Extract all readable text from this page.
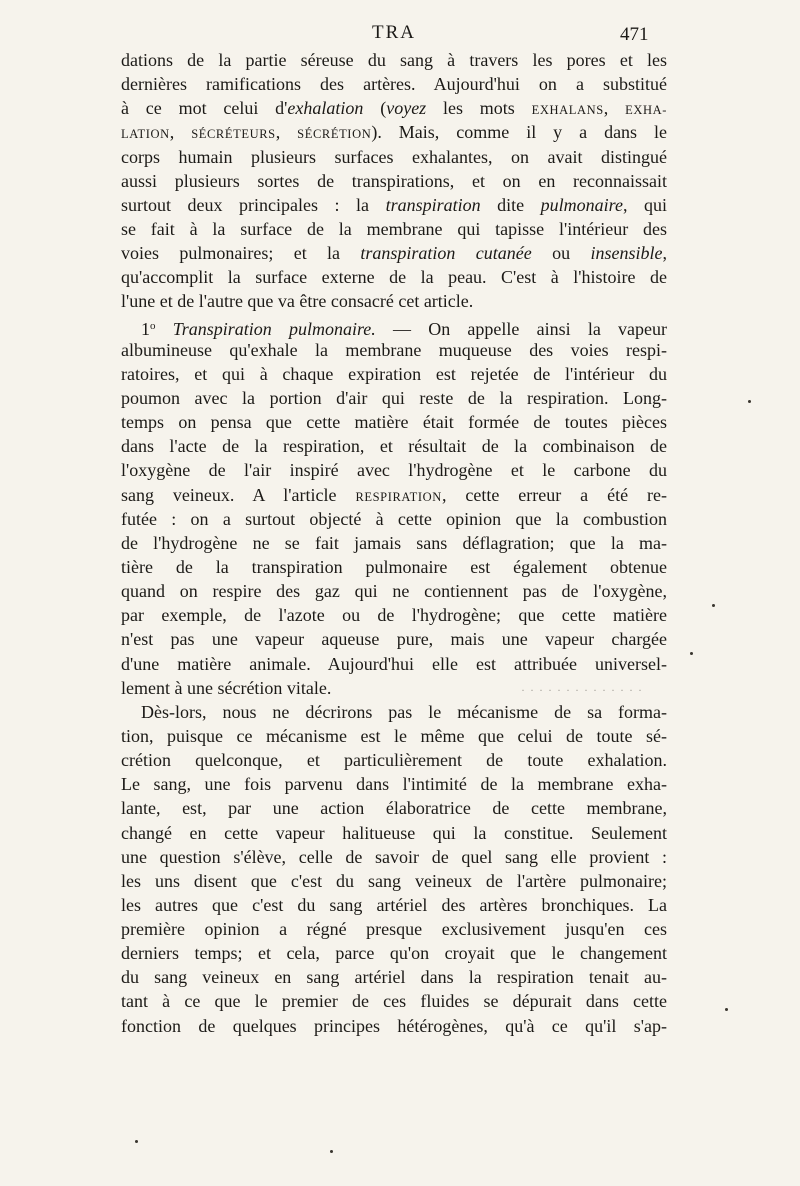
TRA	471
dations de la partie séreuse du sang à travers les pores et les
dernières ramifications des artères. Aujourd'hui on a substitué
à ce mot celui d'exhalation (voyez les mots EXHALANS, EXHA-
LATION, SÉCRÉTEURS, SÉCRÉTION). Mais, comme il y a dans le
corps humain plusieurs surfaces exhalantes, on avait distingué
aussi plusieurs sortes de transpirations, et on en reconnaissait
surtout deux principales : la transpiration dite pulmonaire, qui
se fait à la surface de la membrane qui tapisse l'intérieur des
voies pulmonaires; et la transpiration cutanée ou insensible,
qu'accomplit la surface externe de la peau. C'est à l'histoire de
l'une et de l'autre que va être consacré cet article.
1$^o$ Transpiration pulmonaire. — On appelle ainsi la vapeur
albumineuse qu'exhale la membrane muqueuse des voies respi-
ratoires, et qui à chaque expiration est rejetée de l'intérieur du
poumon avec la portion d'air qui reste de la respiration. Long-
temps on pensa que cette matière était formée de toutes pièces
dans l'acte de la respiration, et résultait de la combinaison de
l'oxygène de l'air inspiré avec l'hydrogène et le carbone du
sang veineux. A l'article RESPIRATION, cette erreur a été re-
futée : on a surtout objecté à cette opinion que la combustion
de l'hydrogène ne se fait jamais sans déflagration; que la ma-
tière de la transpiration pulmonaire est également obtenue
quand on respire des gaz qui ne contiennent pas de l'oxygène,
par exemple, de l'azote ou de l'hydrogène; que cette matière
n'est pas une vapeur aqueuse pure, mais une vapeur chargée
d'une matière animale. Aujourd'hui elle est attribuée universel-
lement à une sécrétion vitale.
Dès-lors, nous ne décrirons pas le mécanisme de sa forma-
tion, puisque ce mécanisme est le même que celui de toute sé-
crétion quelconque, et particulièrement de toute exhalation.
Le sang, une fois parvenu dans l'intimité de la membrane exha-
lante, est, par une action élaboratrice de cette membrane,
changé en cette vapeur halitueuse qui la constitue. Seulement
une question s'élève, celle de savoir de quel sang elle provient :
les uns disent que c'est du sang veineux de l'artère pulmonaire;
les autres que c'est du sang artériel des artères bronchiques. La
première opinion a régné presque exclusivement jusqu'en ces
derniers temps; et cela, parce qu'on croyait que le changement
du sang veineux en sang artériel dans la respiration tenait au-
tant à ce que le premier de ces fluides se dépurait dans cette
fonction de quelques principes hétérogènes, qu'à ce qu'il s'ap-
· · · · · · · · · · · · · ·
